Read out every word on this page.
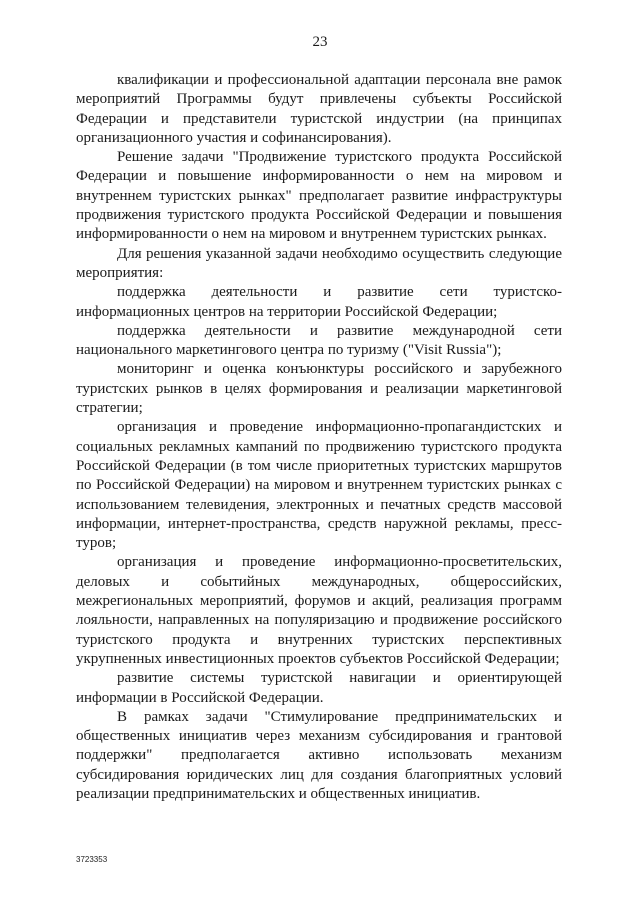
23
квалификации и профессиональной адаптации персонала вне рамок
мероприятий Программы будут привлечены субъекты Российской
Федерации и представители туристской индустрии (на принципах
организационного участия и софинансирования).
Решение задачи "Продвижение туристского продукта Российской
Федерации и повышение информированности о нем на мировом и
внутреннем туристских рынках" предполагает развитие инфраструктуры
продвижения туристского продукта Российской Федерации и повышения
информированности о нем на мировом и внутреннем туристских рынках.
Для решения указанной задачи необходимо осуществить следующие
мероприятия:
поддержка деятельности и развитие сети туристско-
информационных центров на территории Российской Федерации;
поддержка деятельности и развитие международной сети
национального маркетингового центра по туризму ("Visit Russia");
мониторинг и оценка конъюнктуры российского и зарубежного
туристских рынков в целях формирования и реализации маркетинговой
стратегии;
организация и проведение информационно-пропагандистских и
социальных рекламных кампаний по продвижению туристского продукта
Российской Федерации (в том числе приоритетных туристских маршрутов
по Российской Федерации) на мировом и внутреннем туристских рынках с
использованием телевидения, электронных и печатных средств массовой
информации, интернет-пространства, средств наружной рекламы, пресс-
туров;
организация и проведение информационно-просветительских,
деловых и событийных международных, общероссийских,
межрегиональных мероприятий, форумов и акций, реализация программ
лояльности, направленных на популяризацию и продвижение российского
туристского продукта и внутренних туристских перспективных
укрупненных инвестиционных проектов субъектов Российской Федерации;
развитие системы туристской навигации и ориентирующей
информации в Российской Федерации.
В рамках задачи "Стимулирование предпринимательских и
общественных инициатив через механизм субсидирования и грантовой
поддержки" предполагается активно использовать механизм
субсидирования юридических лиц для создания благоприятных условий
реализации предпринимательских и общественных инициатив.
3723353
